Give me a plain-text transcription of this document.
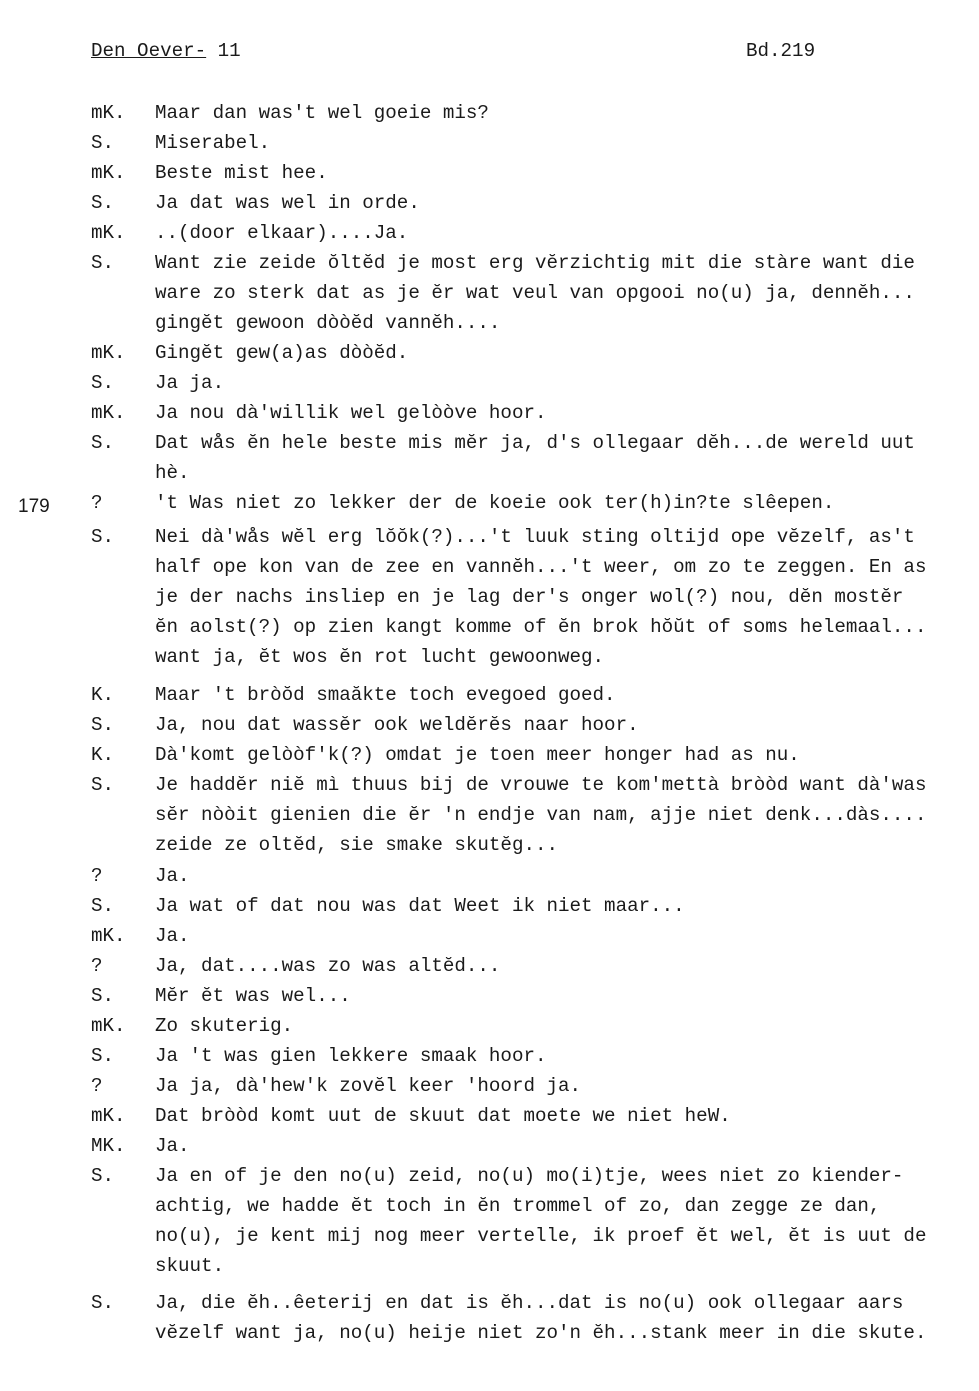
Den Oever- 11	Bd.219
179
mK. Maar dan was't wel goeie mis?
S. Miserabel.
mK. Beste mist hee.
S. Ja dat was wel in orde.
mK. ..(door elkaar)....Ja.
S. Want zie zeide ŏltĕd je most erg vĕrzichtig mit die stàre want die
ware zo sterk dat as je ĕr wat veul van opgooi no(u) ja, dennĕh...
gingĕt gewoon dòòĕd vannĕh....
mK. Gingĕt gew(a)as dòòĕd.
S. Ja ja.
mK. Ja nou dà'willik wel gelòòve hoor.
S. Dat wås ĕn hele beste mis mĕr ja, d's ollegaar dĕh...de wereld uut
hè.
?	't Was niet zo lekker der de koeie ook ter(h)in?te slêepen.
S. Nei dà'wås wĕl erg lŏŏk(?)...'t luuk sting oltijd ope vĕzelf, as't
half ope kon van de zee en vannĕh...'t weer, om zo te zeggen. En as
je der nachs insliep en je lag der's onger wol(?) nou, dĕn mostĕr
ĕn aolst(?) op zien kangt komme of ĕn brok hŏŭt of soms helemaal...
want ja, ĕt wos ĕn rot lucht gewoonweg.
K. Maar 't bròŏd smaăkte toch evegoed goed.
S. Ja, nou dat wassĕr ook weldĕrĕs naar hoor.
K. Dà'komt gelòòf'k(?) omdat je toen meer honger had as nu.
S. Je haddĕr niĕ mì thuus bij de vrouwe te kom'mettà bròòd want dà'was
sĕr nòòit gienien die ĕr 'n endje van nam, ajje niet denk...dàs....
zeide ze oltĕd, sie smake skutĕg...
?	Ja.
S. Ja wat of dat nou was dat Weet ik niet maar...
mK. Ja.
?	Ja, dat....was zo was altĕd...
S. Mĕr ĕt was wel...
mK. Zo skuterig.
S. Ja 't was gien lekkere smaak hoor.
?	Ja ja, dà'hew'k zovĕl keer 'hoord ja.
mK. Dat bròòd komt uut de skuut dat moete we niet heW.
MK. Ja.
S. Ja en of je den no(u) zeid, no(u) mo(i)tje, wees niet zo kiender-
achtig, we hadde ĕt toch in ĕn trommel of zo, dan zegge ze dan,
no(u), je kent mij nog meer vertelle, ik proef ĕt wel, ĕt is uut de
skuut.
S. Ja, die ĕh..êeterij en dat is ĕh...dat is no(u) ook ollegaar aars
vĕzelf want ja, no(u) heije niet zo'n ĕh...stank meer in die skute.
